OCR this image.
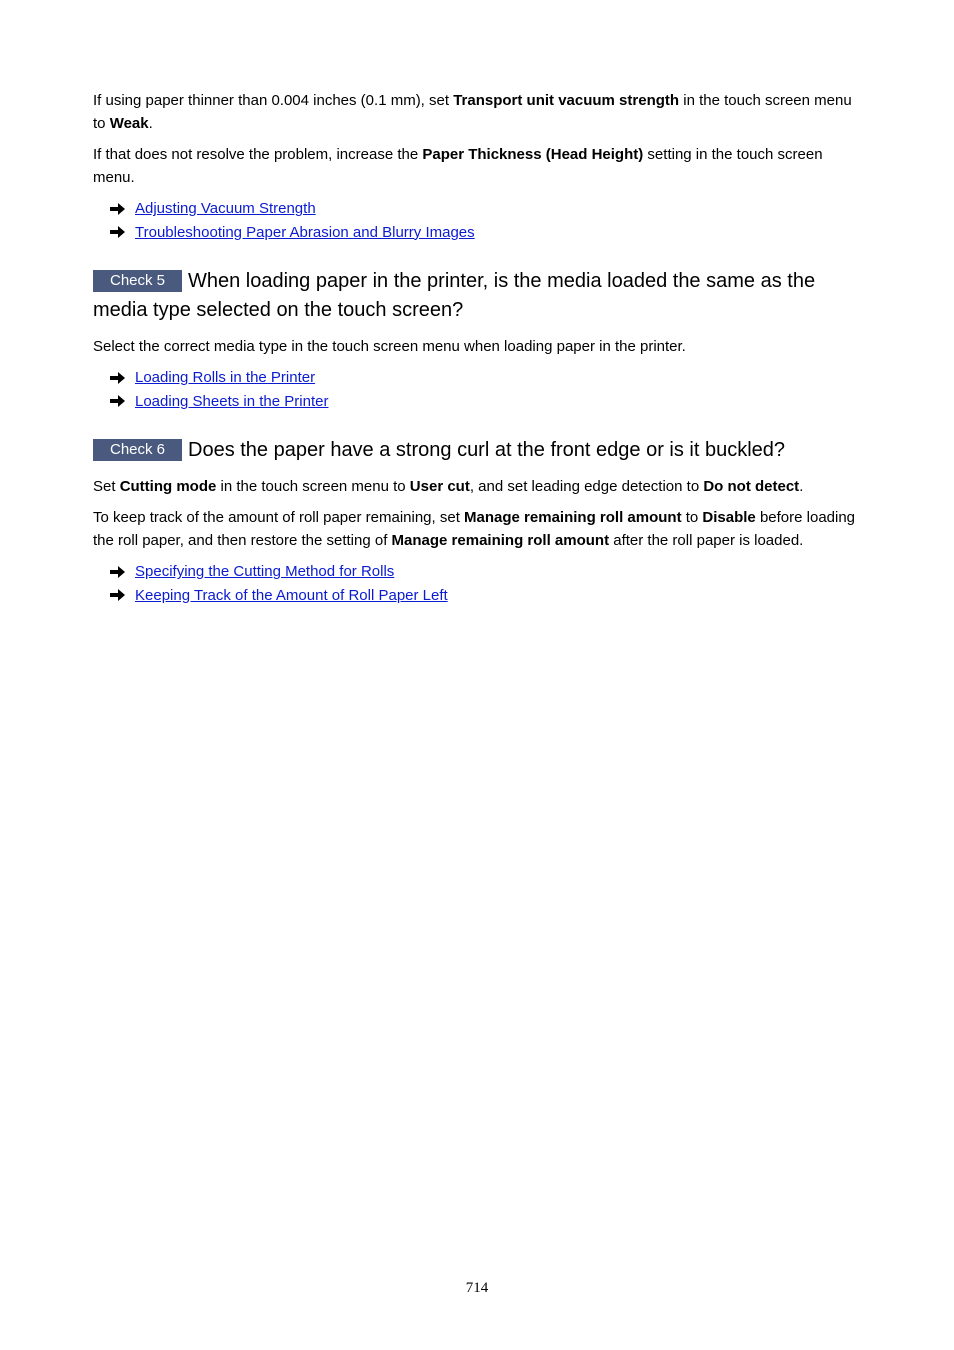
If using paper thinner than 0.004 inches (0.1 mm), set Transport unit vacuum strength in the touch screen menu to Weak.

If that does not resolve the problem, increase the Paper Thickness (Head Height) setting in the touch screen menu.

Adjusting Vacuum Strength
Troubleshooting Paper Abrasion and Blurry Images
Check 5 When loading paper in the printer, is the media loaded the same as the media type selected on the touch screen?

Select the correct media type in the touch screen menu when loading paper in the printer.

Loading Rolls in the Printer
Loading Sheets in the Printer
Check 6 Does the paper have a strong curl at the front edge or is it buckled?

Set Cutting mode in the touch screen menu to User cut, and set leading edge detection to Do not detect.

To keep track of the amount of roll paper remaining, set Manage remaining roll amount to Disable before loading the roll paper, and then restore the setting of Manage remaining roll amount after the roll paper is loaded.

Specifying the Cutting Method for Rolls
Keeping Track of the Amount of Roll Paper Left
714
